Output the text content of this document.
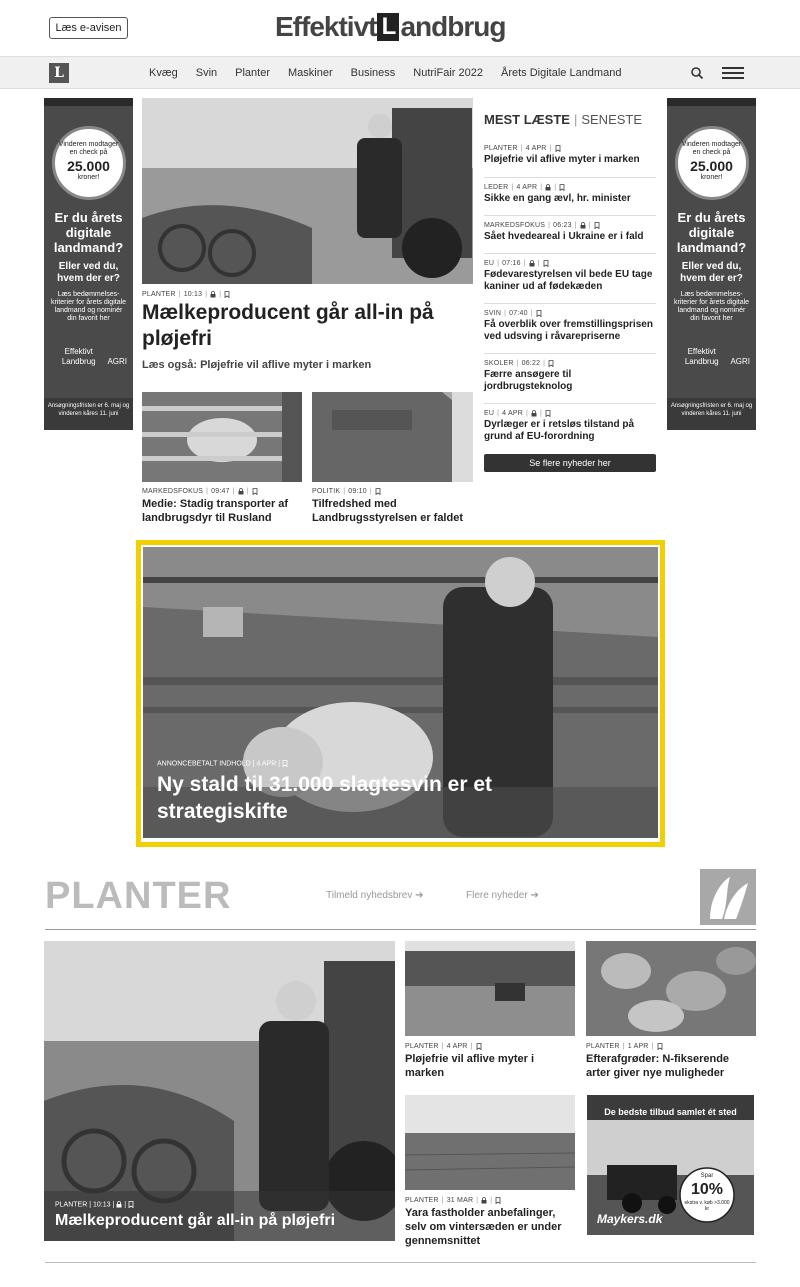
Læs e-avisen	Effektivt L andbrug
L	Kvæg Svin Planter Maskiner Business NutriFair 2022 Årets Digitale Landmand
Vinderen modtager en check på
25.000
kroner!
Er du årets digitale landmand?
Eller ved du, hvem der er?
Læs bedømmelses-kriterier for årets digitale landmand og nominér din favorit her
Effektivt Landbrug	AGRI
Ansøgningsfristen er 6. maj og vinderen kåres 11. juni
Vinderen modtager en check på
25.000
kroner!
Er du årets digitale landmand?
Eller ved du, hvem der er?
Læs bedømmelses-kriterier for årets digitale landmand og nominér din favorit her
Effektivt Landbrug	AGRI
Ansøgningsfristen er 6. maj og vinderen kåres 11. juni
PLANTER | 10:13 | |
Mælkeproducent går all-in på pløjefri
Læs også: Pløjefrie vil aflive myter i marken
MARKEDSFOKUS | 09:47 | |
Medie: Stadig transporter af landbrugsdyr til Rusland
POLITIK | 09:10 |
Tilfredshed med Landbrugsstyrelsen er faldet
MEST LÆSTE | SENESTE
PLANTER | 4 APR |
Pløjefrie vil aflive myter i marken
LEDER | 4 APR | |
Sikke en gang ævl, hr. minister
MARKEDSFOKUS | 06:23 | |
Sået hvedeareal i Ukraine er i fald
EU | 07:16 | |
Fødevarestyrelsen vil bede EU tage kaniner ud af fødekæden
SVIN | 07:40 |
Få overblik over fremstillingsprisen ved udsving i råvarepriserne
SKOLER | 06:22 |
Færre ansøgere til jordbrugsteknolog
EU | 4 APR | |
Dyrlæger er i retsløs tilstand på grund af EU-forordning
Se flere nyheder her
ANNONCEBETALT INDHOLD | 4 APR |
Ny stald til 31.000 slagtesvin er et strategiskifte
PLANTER	Tilmeld nyhedsbrev ➔	Flere nyheder ➔
PLANTER | 10:13 |  |
Mælkeproducent går all-in på pløjefri
PLANTER | 4 APR |
Pløjefrie vil aflive myter i marken
PLANTER | 1 APR |
Efterafgrøder: N-fikserende arter giver nye muligheder
PLANTER | 31 MAR | |
Yara fastholder anbefalinger, selv om vintersæden er under gennemsnittet
De bedste tilbud samlet ét sted
Spar
10%
ekstra v. køb >3.000 kr
Maykers.dk
